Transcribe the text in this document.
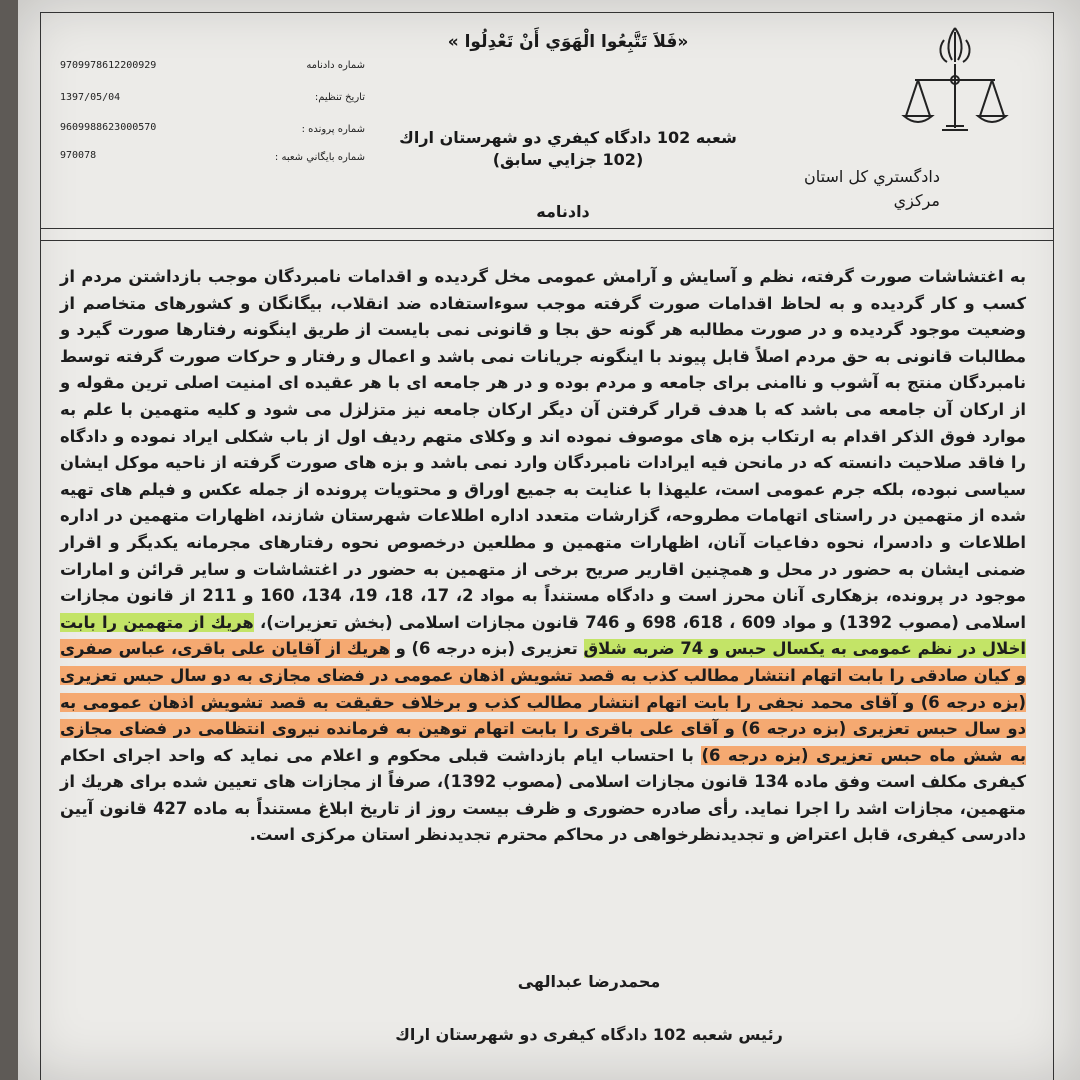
«فَلاَ تَتَّبِعُوا الْهَوَي أَنْ تَعْدِلُوا »
شعبه 102 دادگاه كيفري دو شهرستان اراك
(102 جزايي سابق)
دادنامه
دادگستري كل استان
مركزي
شماره دادنامه
9709978612200929
تاريخ تنظيم:
1397/05/04
شماره پرونده :
9609988623000570
شماره بايگاني شعبه :
970078
به اغتشاشات صورت گرفته، نظم و آسايش و آرامش عمومی مخل گرديده و اقدامات نامبردگان موجب بازداشتن مردم از كسب و كار گرديده و به لحاظ اقدامات صورت گرفته موجب سوءاستفاده ضد انقلاب، بيگانگان و كشورهای متخاصم از وضعيت موجود گرديده و در صورت مطالبه هر گونه حق بجا و قانونی نمی بايست از طريق اينگونه رفتارها صورت گيرد و مطالبات قانونی به حق مردم اصلاً قابل پيوند با اينگونه جريانات نمی باشد و اعمال و رفتار و حركات صورت گرفته توسط نامبردگان منتج به آشوب و ناامنی برای جامعه و مردم بوده و در هر جامعه ای با هر عقيده ای امنيت اصلی ترين مقوله و از اركان آن جامعه می باشد كه با هدف قرار گرفتن آن ديگر اركان جامعه نيز متزلزل می شود و كليه متهمين با علم به موارد فوق الذكر اقدام به ارتكاب بزه های موصوف نموده اند و وكلای متهم رديف اول از باب شكلی ايراد نموده و دادگاه را فاقد صلاحيت دانسته كه در مانحن فيه ايرادات نامبردگان وارد نمی باشد و بزه های صورت گرفته از ناحيه موكل ايشان سياسی نبوده، بلكه جرم عمومی است، عليهذا با عنايت به جميع اوراق و محتويات پرونده از جمله عكس و فيلم های تهيه شده از متهمين در راستای اتهامات مطروحه، گزارشات متعدد اداره اطلاعات شهرستان شازند، اظهارات متهمين در اداره اطلاعات و دادسرا، نحوه دفاعيات آنان، اظهارات متهمين و مطلعين درخصوص نحوه رفتارهای مجرمانه يكديگر و اقرار ضمنی ايشان به حضور در محل و همچنين اقارير صريح برخی از متهمين به حضور در اغتشاشات و ساير قرائن و امارات موجود در پرونده، بزهكاری آنان محرز است و دادگاه مستنداً به مواد 2، 17، 18، 19، 134، 160 و 211 از قانون مجازات اسلامی (مصوب 1392) و مواد 609 ، 618، 698 و 746 قانون مجازات اسلامی (بخش تعزيرات)، هريك از متهمين را بابت اخلال در نظم عمومی به يكسال حبس و 74 ضربه شلاق تعزيری (بزه درجه 6) و هريك از آقايان علی باقری، عباس صفری و كيان صادقی را بابت اتهام انتشار مطالب كذب به قصد تشويش اذهان عمومی در فضای مجازی به دو سال حبس تعزيری (بزه درجه 6) و آقای محمد نجفی را بابت اتهام انتشار مطالب كذب و برخلاف حقيقت به قصد تشويش اذهان عمومی به دو سال حبس تعزيری (بزه درجه 6) و آقای علی باقری را بابت اتهام توهين به فرمانده نيروی انتظامی در فضای مجازی به شش ماه حبس تعزيری (بزه درجه 6) با احتساب ايام بازداشت قبلی محكوم و اعلام می نمايد كه واحد اجرای احكام كيفری مكلف است وفق ماده 134 قانون مجازات اسلامی (مصوب 1392)، صرفاً از مجازات های تعيين شده برای هريك از متهمين، مجازات اشد را اجرا نمايد. رأی صادره حضوری و ظرف بيست روز از تاريخ ابلاغ مستنداً به ماده 427 قانون آيين دادرسی كيفری، قابل اعتراض و تجديدنظرخواهی در محاكم محترم تجديدنظر استان مركزی است.
محمدرضا عبدالهی
رئيس شعبه 102 دادگاه كيفری دو شهرستان اراك
